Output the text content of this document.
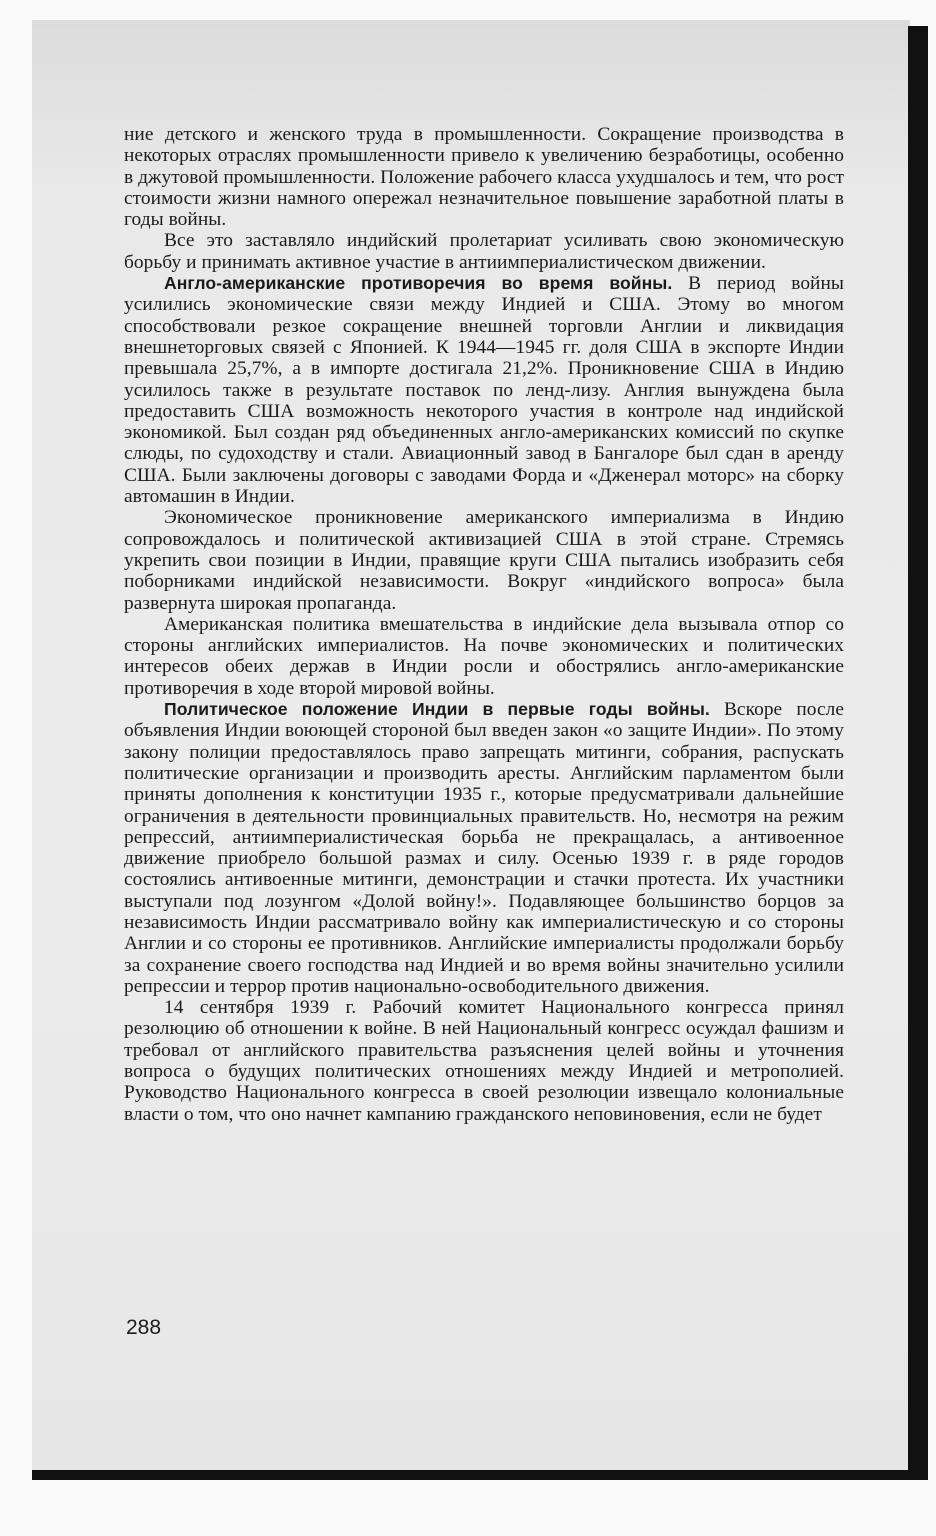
ние детского и женского труда в промышленности. Сокращение производства в некоторых отраслях промышленности привело к увеличению безработицы, особенно в джутовой промышленности. Положение рабочего класса ухудшалось и тем, что рост стоимости жизни намного опережал незначительное повышение заработной платы в годы войны.

Все это заставляло индийский пролетариат усиливать свою экономическую борьбу и принимать активное участие в антиимпериалистическом движении.

Англо-американские противоречия во время войны. В период войны усилились экономические связи между Индией и США. Этому во многом способствовали резкое сокращение внешней торговли Англии и ликвидация внешнеторговых связей с Японией. К 1944—1945 гг. доля США в экспорте Индии превышала 25,7%, а в импорте достигала 21,2%. Проникновение США в Индию усилилось также в результате поставок по ленд-лизу. Англия вынуждена была предоставить США возможность некоторого участия в контроле над индийской экономикой. Был создан ряд объединенных англо-американских комиссий по скупке слюды, по судоходству и стали. Авиационный завод в Бангалоре был сдан в аренду США. Были заключены договоры с заводами Форда и «Дженерал моторс» на сборку автомашин в Индии.

Экономическое проникновение американского империализма в Индию сопровождалось и политической активизацией США в этой стране. Стремясь укрепить свои позиции в Индии, правящие круги США пытались изобразить себя поборниками индийской независимости. Вокруг «индийского вопроса» была развернута широкая пропаганда.

Американская политика вмешательства в индийские дела вызывала отпор со стороны английских империалистов. На почве экономических и политических интересов обеих держав в Индии росли и обострялись англо-американские противоречия в ходе второй мировой войны.

Политическое положение Индии в первые годы войны. Вскоре после объявления Индии воюющей стороной был введен закон «о защите Индии». По этому закону полиции предоставлялось право запрещать митинги, собрания, распускать политические организации и производить аресты. Английским парламентом были приняты дополнения к конституции 1935 г., которые предусматривали дальнейшие ограничения в деятельности провинциальных правительств. Но, несмотря на режим репрессий, антиимпериалистическая борьба не прекращалась, а антивоенное движение приобрело большой размах и силу. Осенью 1939 г. в ряде городов состоялись антивоенные митинги, демонстрации и стачки протеста. Их участники выступали под лозунгом «Долой войну!». Подавляющее большинство борцов за независимость Индии рассматривало войну как империалистическую и со стороны Англии и со стороны ее противников. Английские империалисты продолжали борьбу за сохранение своего господства над Индией и во время войны значительно усилили репрессии и террор против национально-освободительного движения.

14 сентября 1939 г. Рабочий комитет Национального конгресса принял резолюцию об отношении к войне. В ней Национальный конгресс осуждал фашизм и требовал от английского правительства разъяснения целей войны и уточнения вопроса о будущих политических отношениях между Индией и метрополией. Руководство Национального конгресса в своей резолюции извещало колониальные власти о том, что оно начнет кампанию гражданского неповиновения, если не будет

288
